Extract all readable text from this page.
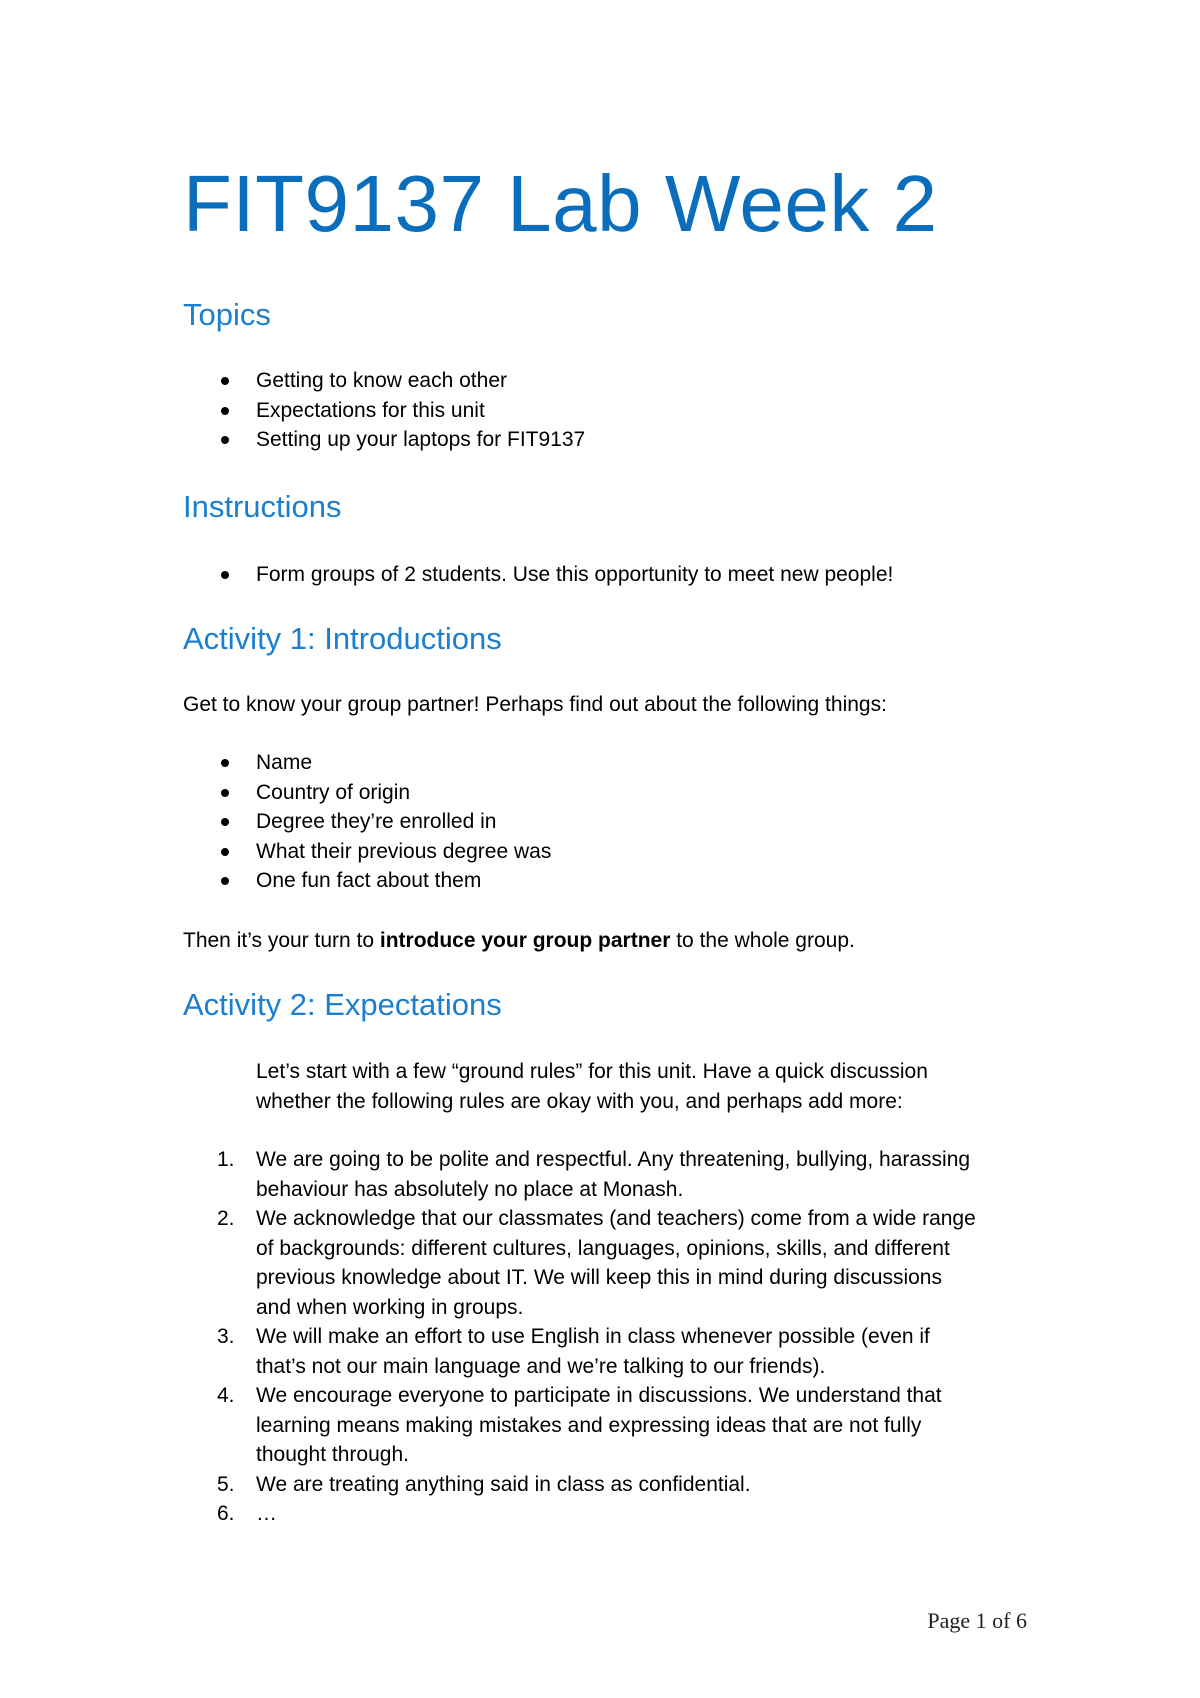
FIT9137 Lab Week 2
Topics
Getting to know each other
Expectations for this unit
Setting up your laptops for FIT9137
Instructions
Form groups of 2 students. Use this opportunity to meet new people!
Activity 1: Introductions

Get to know your group partner! Perhaps find out about the following things:

Name
Country of origin
Degree they’re enrolled in
What their previous degree was
One fun fact about them

Then it’s your turn to introduce your group partner to the whole group.

Activity 2: Expectations

Let’s start with a few “ground rules” for this unit. Have a quick discussion
whether the following rules are okay with you, and perhaps add more:

1. We are going to be polite and respectful. Any threatening, bullying, harassing
behaviour has absolutely no place at Monash.
2. We acknowledge that our classmates (and teachers) come from a wide range
of backgrounds: different cultures, languages, opinions, skills, and different
previous knowledge about IT. We will keep this in mind during discussions
and when working in groups.
3. We will make an effort to use English in class whenever possible (even if
that’s not our main language and we’re talking to our friends).
4. We encourage everyone to participate in discussions. We understand that
learning means making mistakes and expressing ideas that are not fully
thought through.
5. We are treating anything said in class as confidential.
6. …

Page 1 of 6
